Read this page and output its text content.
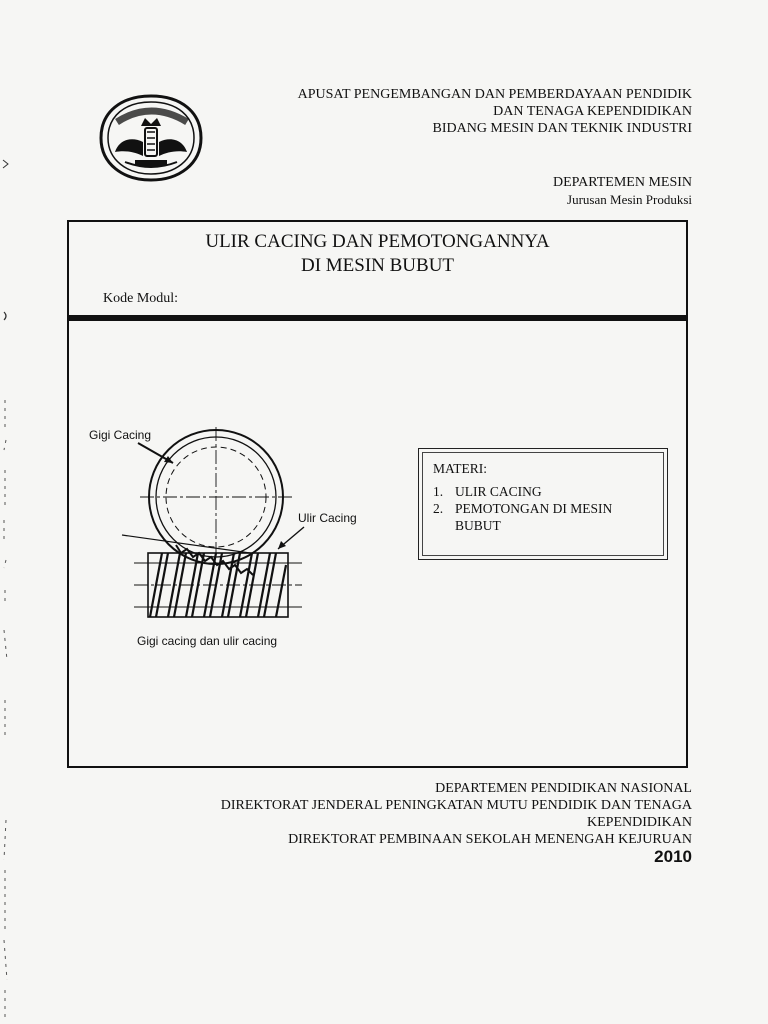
APUSAT PENGEMBANGAN DAN PEMBERDAYAAN PENDIDIK
DAN TENAGA KEPENDIDIKAN
BIDANG MESIN DAN TEKNIK INDUSTRI
DEPARTEMEN MESIN
Jurusan Mesin Produksi
ULIR CACING DAN PEMOTONGANNYA
DI MESIN BUBUT
Kode Modul:
Gigi Cacing
Ulir Cacing
Gigi cacing dan ulir cacing
MATERI:
1. ULIR CACING
2. PEMOTONGAN DI MESIN BUBUT
DEPARTEMEN PENDIDIKAN NASIONAL
DIREKTORAT JENDERAL PENINGKATAN MUTU PENDIDIK DAN TENAGA
KEPENDIDIKAN
DIREKTORAT PEMBINAAN SEKOLAH MENENGAH KEJURUAN
2010
